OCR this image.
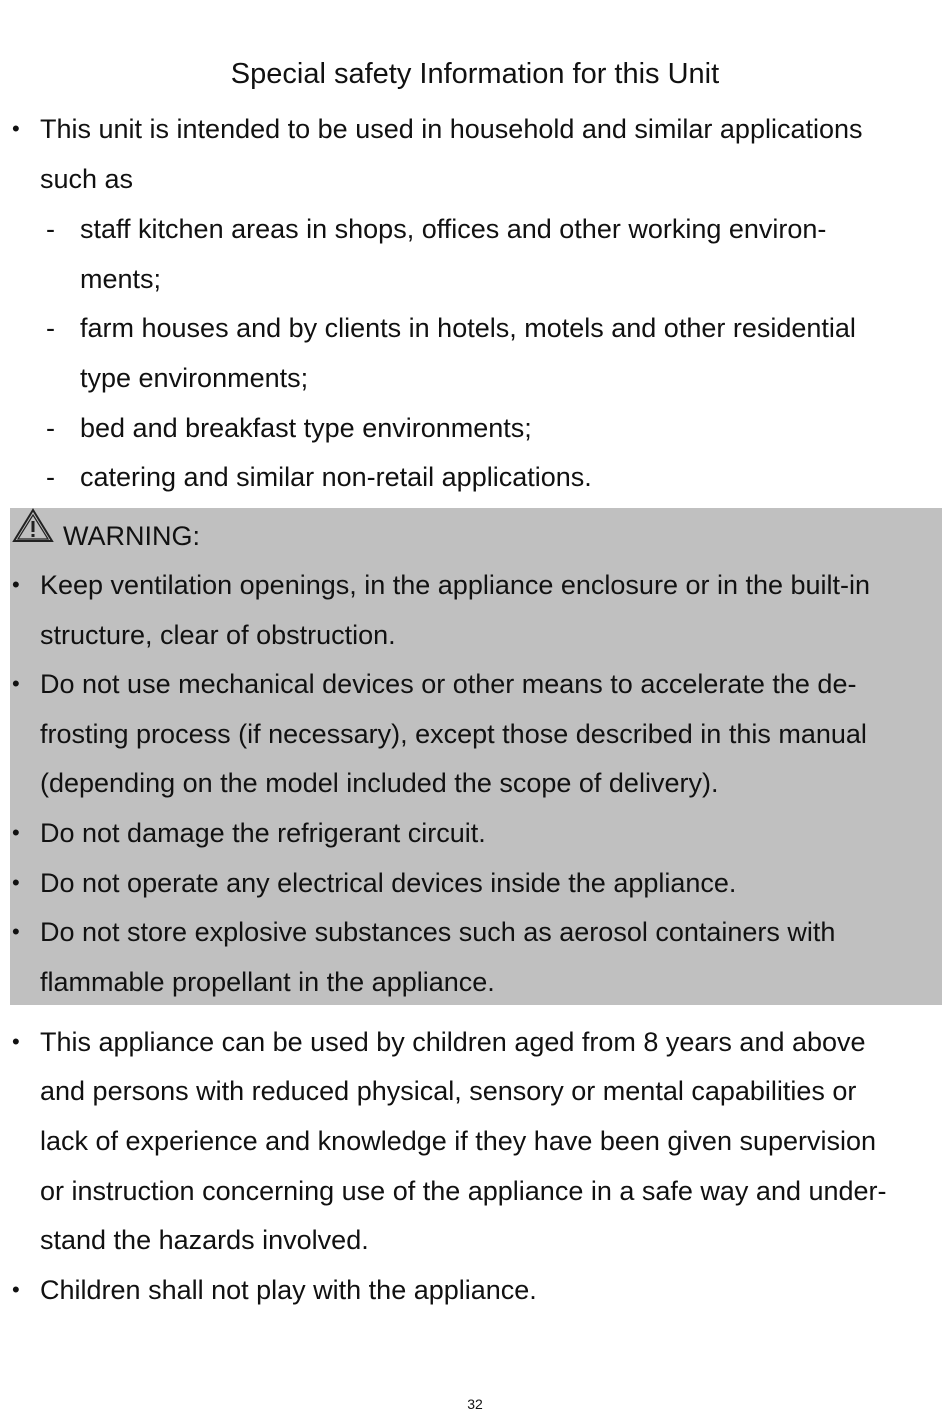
Special safety Information for this Unit
• This unit is intended to be used in household and similar applications
such as
- staff kitchen areas in shops, offices and other working environ-
ments;
- farm houses and by clients in hotels, motels and other residential
type environments;
- bed and breakfast type environments;
- catering and similar non-retail applications.
WARNING:
• Keep ventilation openings, in the appliance enclosure or in the built-in
structure, clear of obstruction.
• Do not use mechanical devices or other means to accelerate the de-
frosting process (if necessary), except those described in this manual
(depending on the model included the scope of delivery).
• Do not damage the refrigerant circuit.
• Do not operate any electrical devices inside the appliance.
• Do not store explosive substances such as aerosol containers with
flammable propellant in the appliance.
• This appliance can be used by children aged from 8 years and above
and persons with reduced physical, sensory or mental capabilities or
lack of experience and knowledge if they have been given supervision
or instruction concerning use of the appliance in a safe way and under-
stand the hazards involved.
• Children shall not play with the appliance.
32
